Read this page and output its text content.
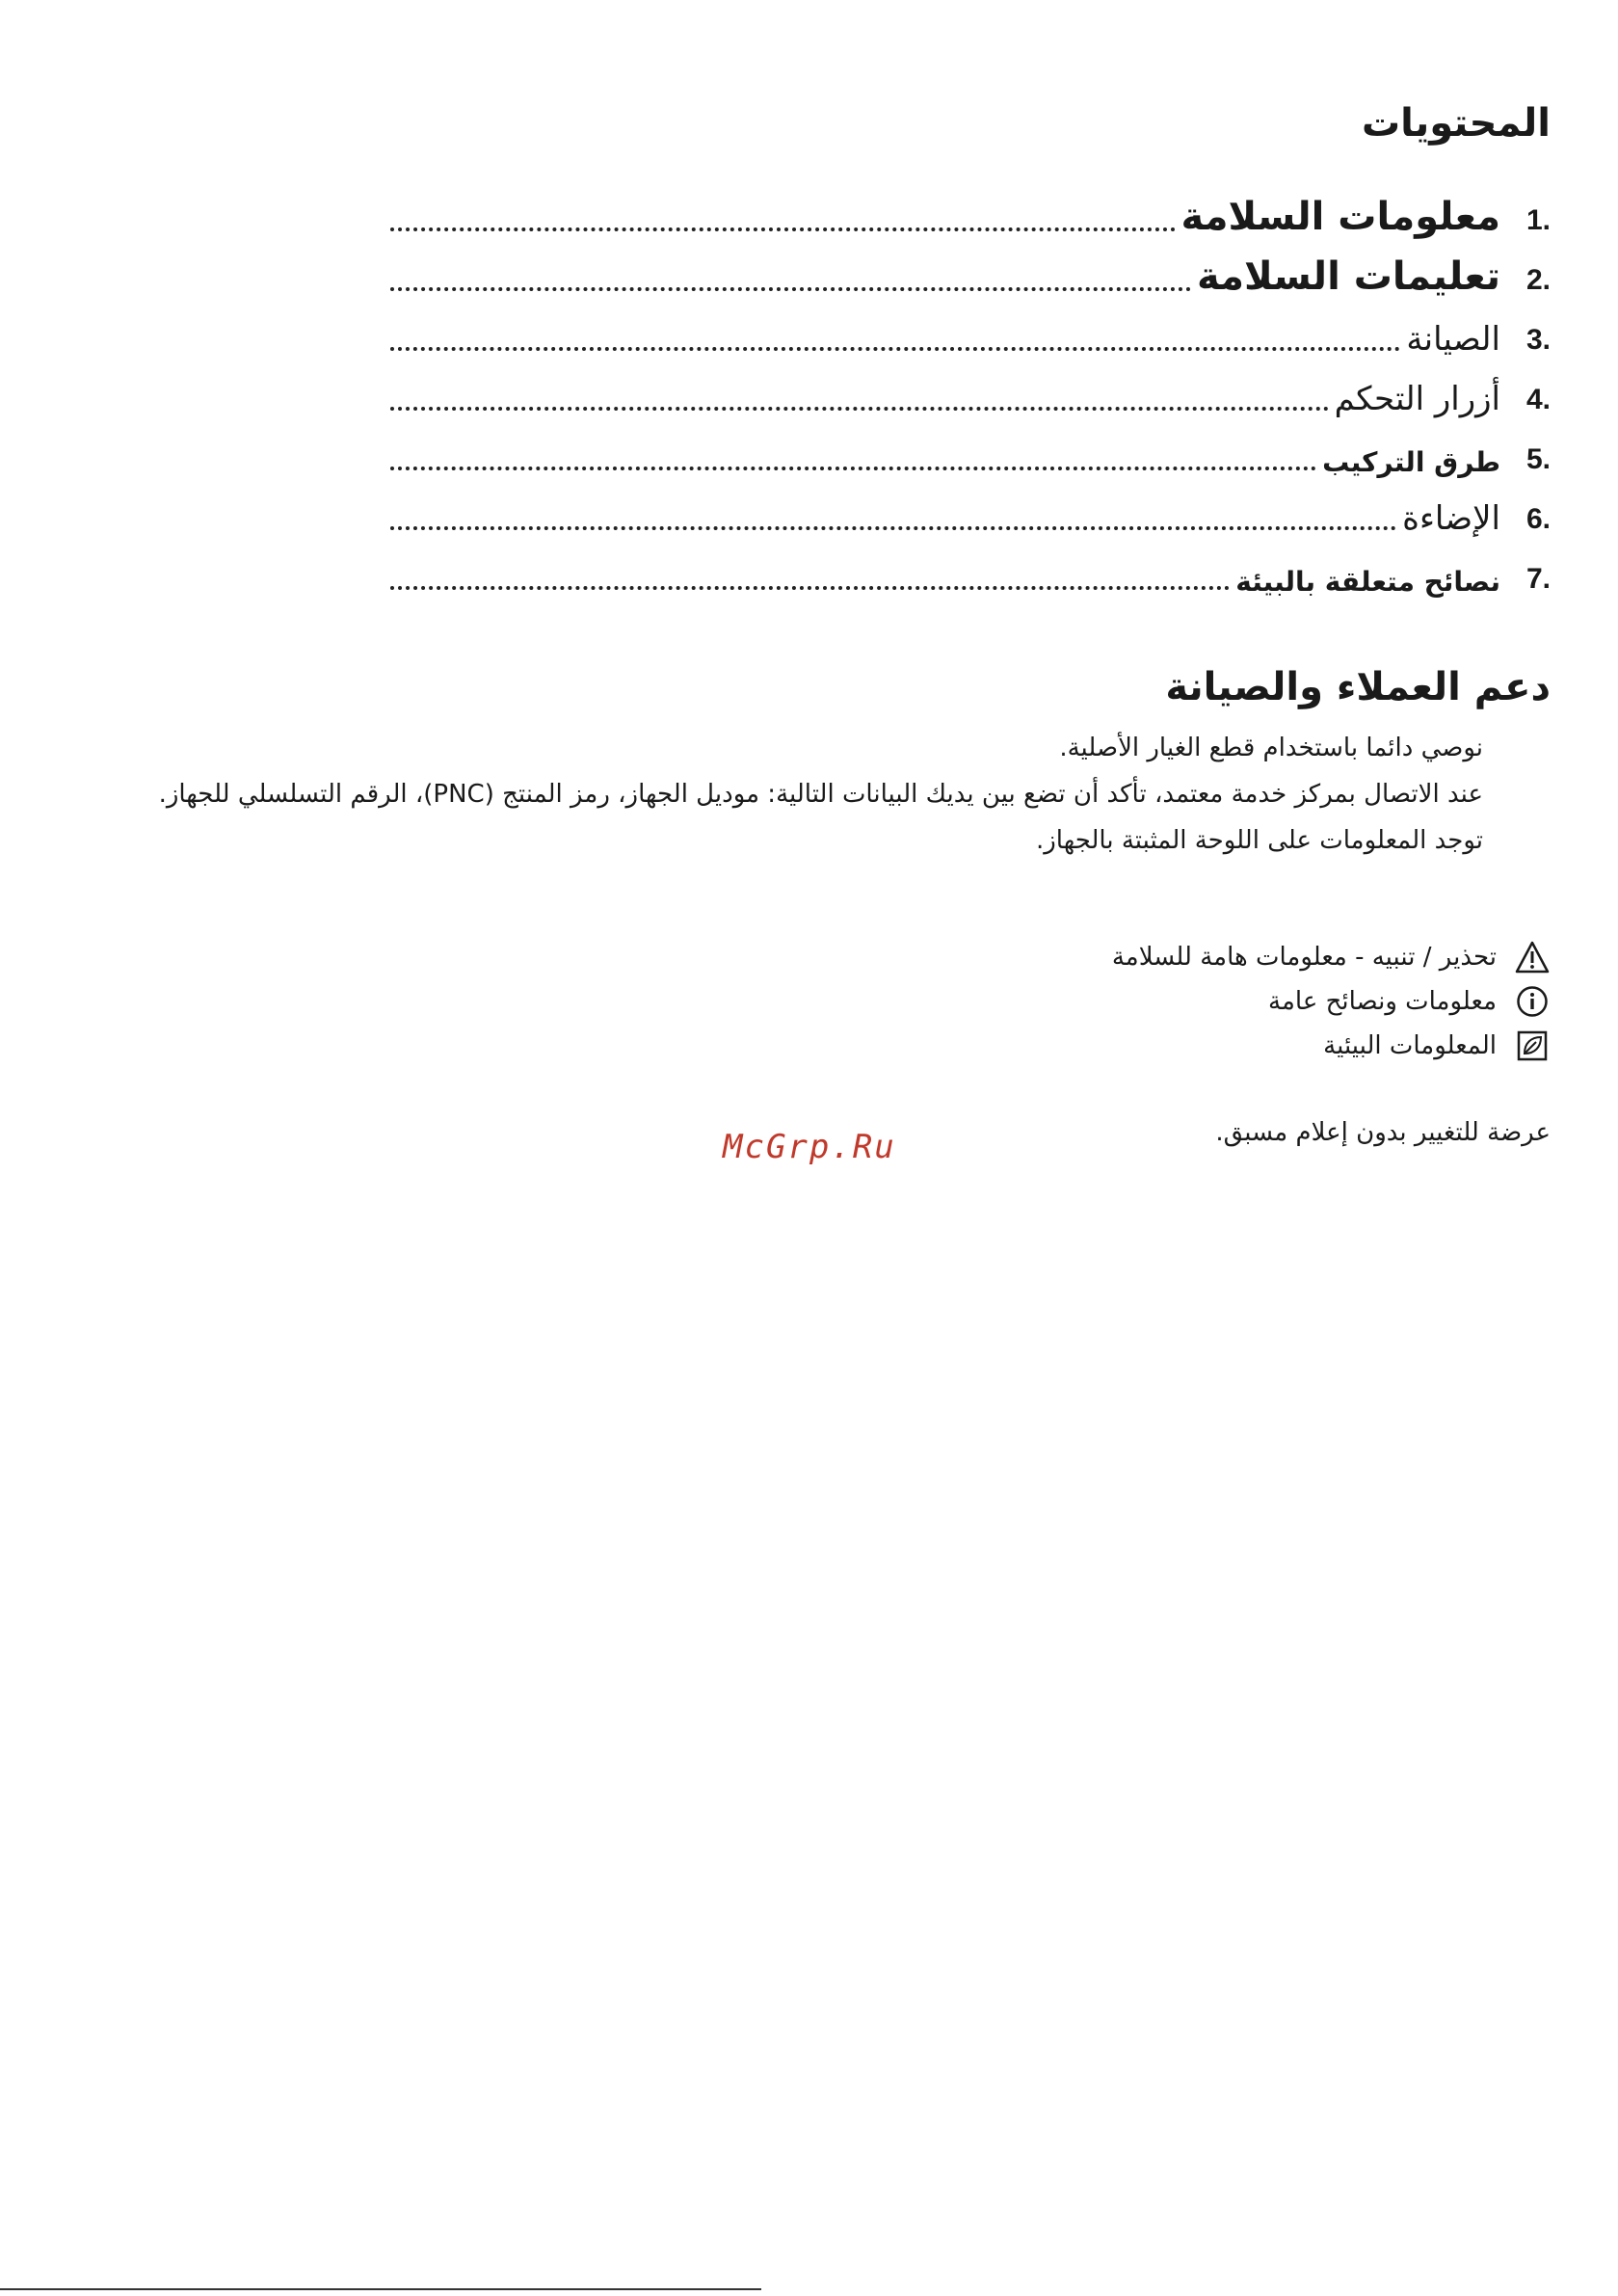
المحتويات
1.
معلومات السلامة
2.
تعليمات السلامة
3.
الصيانة
4.
أزرار التحكم
5.
طرق التركيب
6.
الإضاءة
7.
نصائح متعلقة بالبيئة
دعم العملاء والصيانة

نوصي دائما باستخدام قطع الغيار الأصلية.

عند الاتصال بمركز خدمة معتمد، تأكد أن تضع بين يديك البيانات التالية: موديل الجهاز، رمز المنتج (PNC)، الرقم التسلسلي للجهاز.

توجد المعلومات على اللوحة المثبتة بالجهاز.

تحذير / تنبيه - معلومات هامة للسلامة
معلومات ونصائح عامة
المعلومات البيئية
عرضة للتغيير بدون إعلام مسبق.
McGrp.Ru
